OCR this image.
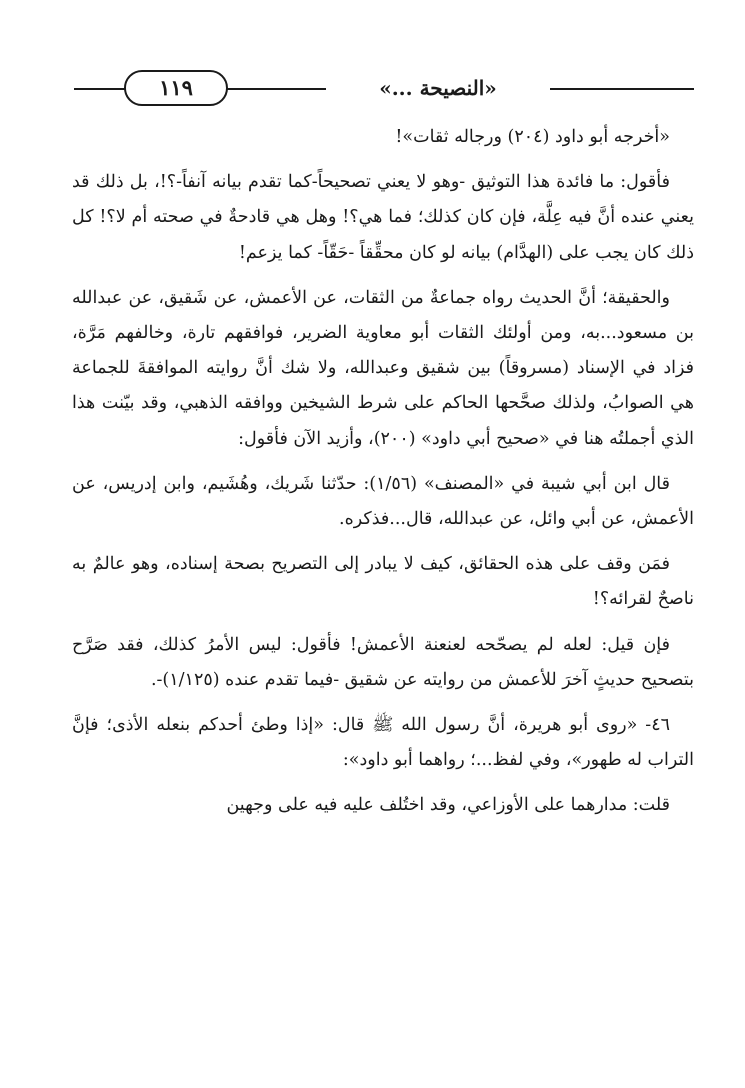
١١٩	«النصيحة ...»

«أخرجه أبو داود (٢٠٤) ورجاله ثقات»!

فأقول: ما فائدة هذا التوثيق -وهو لا يعني تصحيحاً-كما تقدم بيانه آنفاً-؟!، بل ذلك قد يعني عنده أنَّ فيه عِلَّة، فإن كان كذلك؛ فما هي؟! وهل هي قادحةٌ في صحته أم لا؟! كل ذلك كان يجب على (الهدَّام) بيانه لو كان محقِّقاً -حَقّاً- كما يزعم!

والحقيقة؛ أنَّ الحديث رواه جماعةٌ من الثقات، عن الأعمش، عن شَقيق، عن عبدالله بن مسعود...به، ومن أولئك الثقات أبو معاوية الضرير، فوافقهم تارة، وخالفهم مَرَّة، فزاد في الإسناد (مسروقاً) بين شقيق وعبدالله، ولا شك أنَّ روايته الموافقةَ للجماعة هي الصوابُ، ولذلك صحَّحها الحاكم على شرط الشيخين ووافقه الذهبي، وقد بيّنت هذا الذي أجملتُه هنا في «صحيح أبي داود» (٢٠٠)، وأزيد الآن فأقول:

قال ابن أبي شيبة في «المصنف» (١/٥٦): حدّثنا شَريك، وهُشَيم، وابن إدريس، عن الأعمش، عن أبي وائل، عن عبدالله، قال...فذكره.

فمَن وقف على هذه الحقائق، كيف لا يبادر إلى التصريح بصحة إسناده، وهو عالمٌ به ناصحٌ لقرائه؟!

فإن قيل: لعله لم يصحّحه لعنعنة الأعمش! فأقول: ليس الأمرُ كذلك، فقد صَرَّح بتصحيح حديثٍ آخرَ للأعمش من روايته عن شقيق -فيما تقدم عنده (١/١٢٥)-.

٤٦- «روى أبو هريرة، أنَّ رسول الله ﷺ قال: «إذا وطئ أحدكم بنعله الأذى؛ فإنَّ التراب له طهور»، وفي لفظ...؛ رواهما أبو داود»:

قلت: مدارهما على الأوزاعي، وقد اختُلف عليه فيه على وجهين
